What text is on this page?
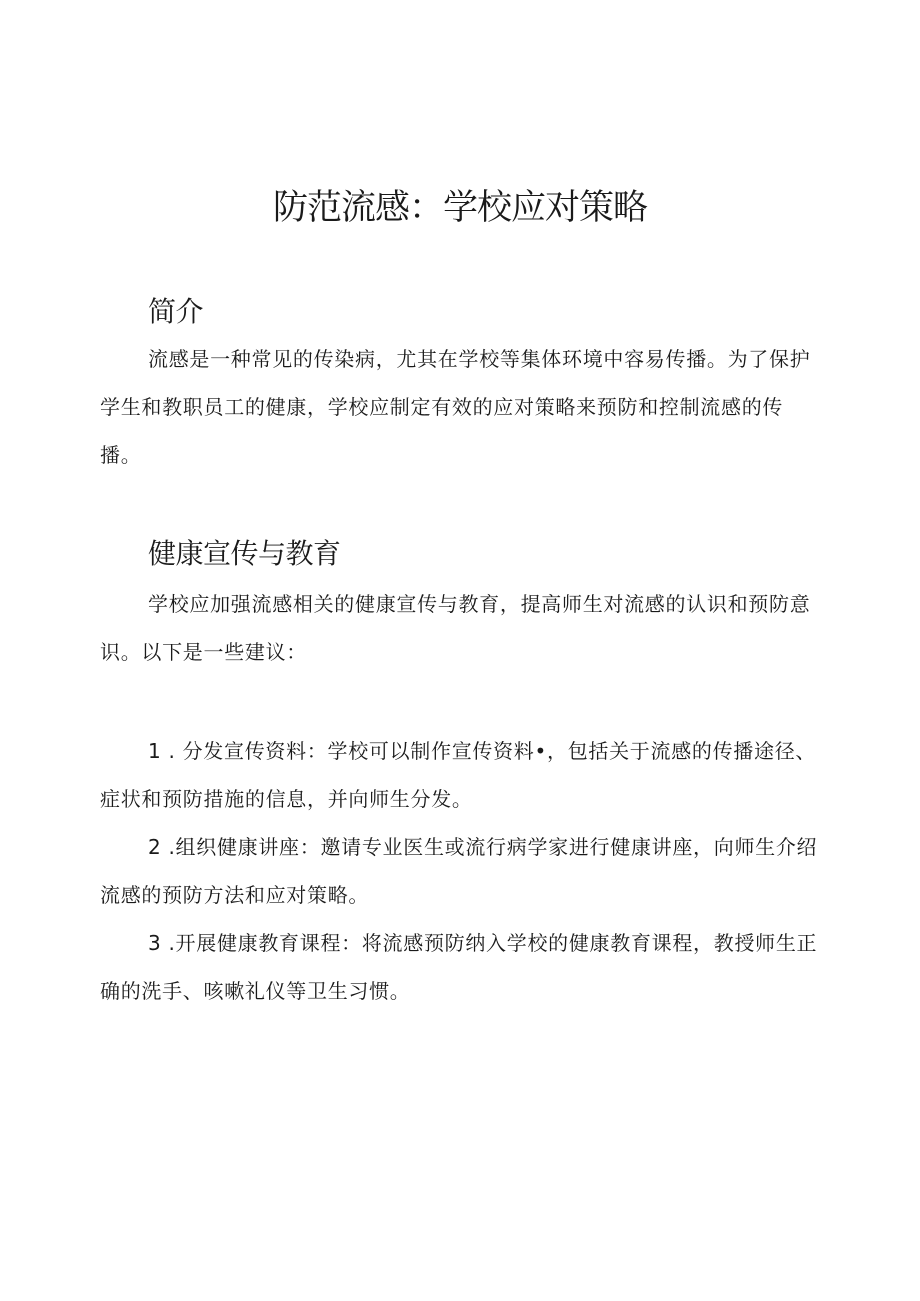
防范流感：学校应对策略
简介

流感是一种常见的传染病，尤其在学校等集体环境中容易传播。为了保护学生和教职员工的健康，学校应制定有效的应对策略来预防和控制流感的传播。

健康宣传与教育

学校应加强流感相关的健康宣传与教育，提高师生对流感的认识和预防意识。以下是一些建议：

1 . 分发宣传资料：学校可以制作宣传资料•，包括关于流感的传播途径、症状和预防措施的信息，并向师生分发。

2 .组织健康讲座：邀请专业医生或流行病学家进行健康讲座，向师生介绍流感的预防方法和应对策略。

3 .开展健康教育课程：将流感预防纳入学校的健康教育课程，教授师生正确的洗手、咳嗽礼仪等卫生习惯。
